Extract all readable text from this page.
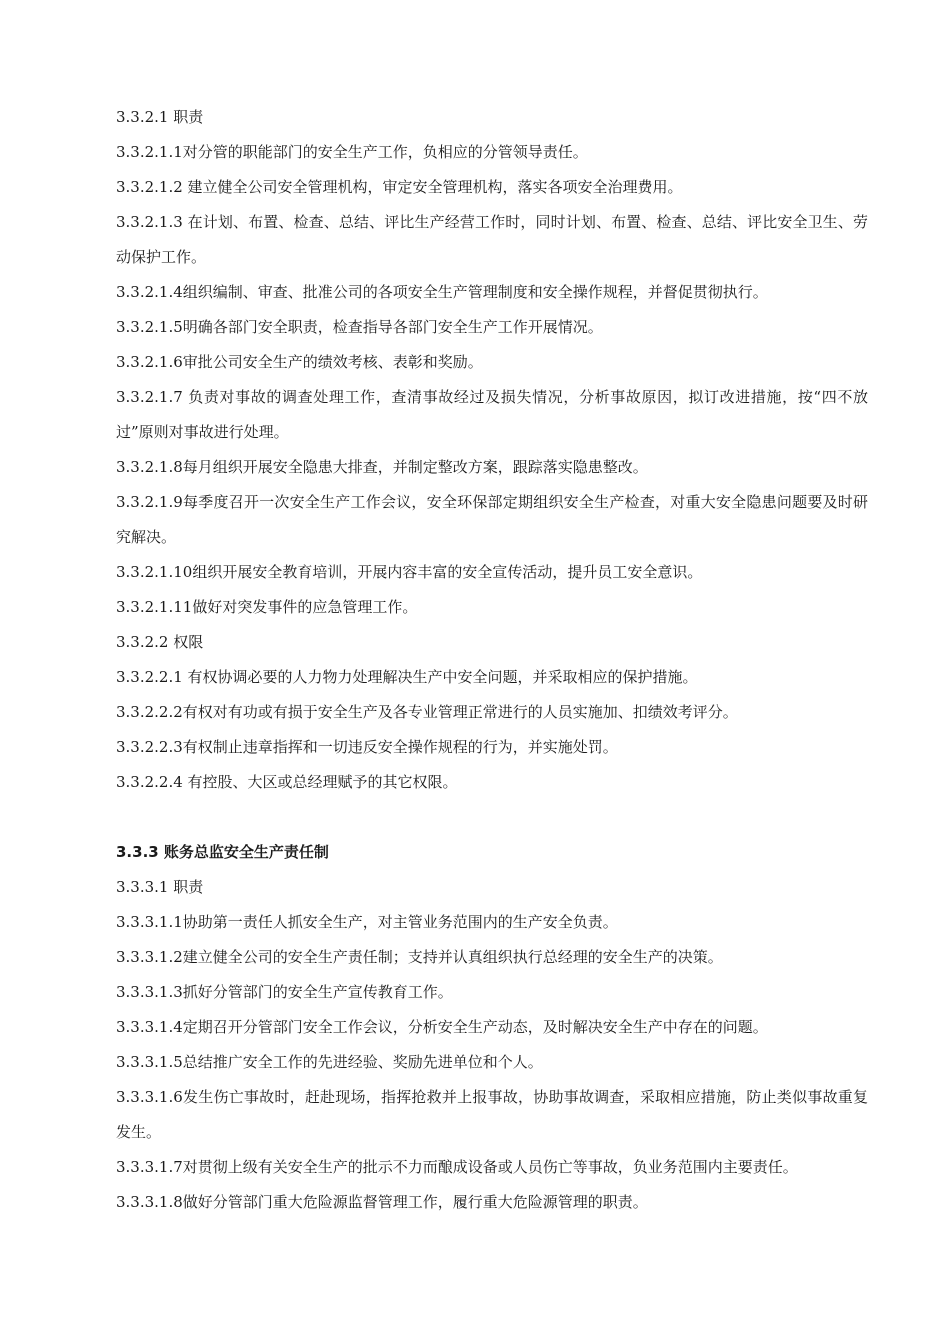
3.3.2.1 职责

3.3.2.1.1对分管的职能部门的安全生产工作，负相应的分管领导责任。

3.3.2.1.2 建立健全公司安全管理机构，审定安全管理机构，落实各项安全治理费用。

3.3.2.1.3 在计划、布置、检查、总结、评比生产经营工作时，同时计划、布置、检查、总结、评比安全卫生、劳动保护工作。

3.3.2.1.4组织编制、审查、批准公司的各项安全生产管理制度和安全操作规程，并督促贯彻执行。

3.3.2.1.5明确各部门安全职责，检查指导各部门安全生产工作开展情况。

3.3.2.1.6审批公司安全生产的绩效考核、表彰和奖励。

3.3.2.1.7 负责对事故的调查处理工作，查清事故经过及损失情况，分析事故原因，拟订改进措施，按“四不放过”原则对事故进行处理。

3.3.2.1.8每月组织开展安全隐患大排查，并制定整改方案，跟踪落实隐患整改。

3.3.2.1.9每季度召开一次安全生产工作会议，安全环保部定期组织安全生产检查，对重大安全隐患问题要及时研究解决。

3.3.2.1.10组织开展安全教育培训，开展内容丰富的安全宣传活动，提升员工安全意识。

3.3.2.1.11做好对突发事件的应急管理工作。

3.3.2.2 权限

3.3.2.2.1 有权协调必要的人力物力处理解决生产中安全问题，并采取相应的保护措施。

3.3.2.2.2有权对有功或有损于安全生产及各专业管理正常进行的人员实施加、扣绩效考评分。

3.3.2.2.3有权制止违章指挥和一切违反安全操作规程的行为，并实施处罚。

3.3.2.2.4 有控股、大区或总经理赋予的其它权限。

3.3.3 账务总监安全生产责任制

3.3.3.1 职责

3.3.3.1.1协助第一责任人抓安全生产，对主管业务范围内的生产安全负责。

3.3.3.1.2建立健全公司的安全生产责任制；支持并认真组织执行总经理的安全生产的决策。

3.3.3.1.3抓好分管部门的安全生产宣传教育工作。

3.3.3.1.4定期召开分管部门安全工作会议，分析安全生产动态，及时解决安全生产中存在的问题。

3.3.3.1.5总结推广安全工作的先进经验、奖励先进单位和个人。

3.3.3.1.6发生伤亡事故时，赶赴现场，指挥抢救并上报事故，协助事故调查，采取相应措施，防止类似事故重复发生。

3.3.3.1.7对贯彻上级有关安全生产的批示不力而酿成设备或人员伤亡等事故，负业务范围内主要责任。

3.3.3.1.8做好分管部门重大危险源监督管理工作，履行重大危险源管理的职责。
